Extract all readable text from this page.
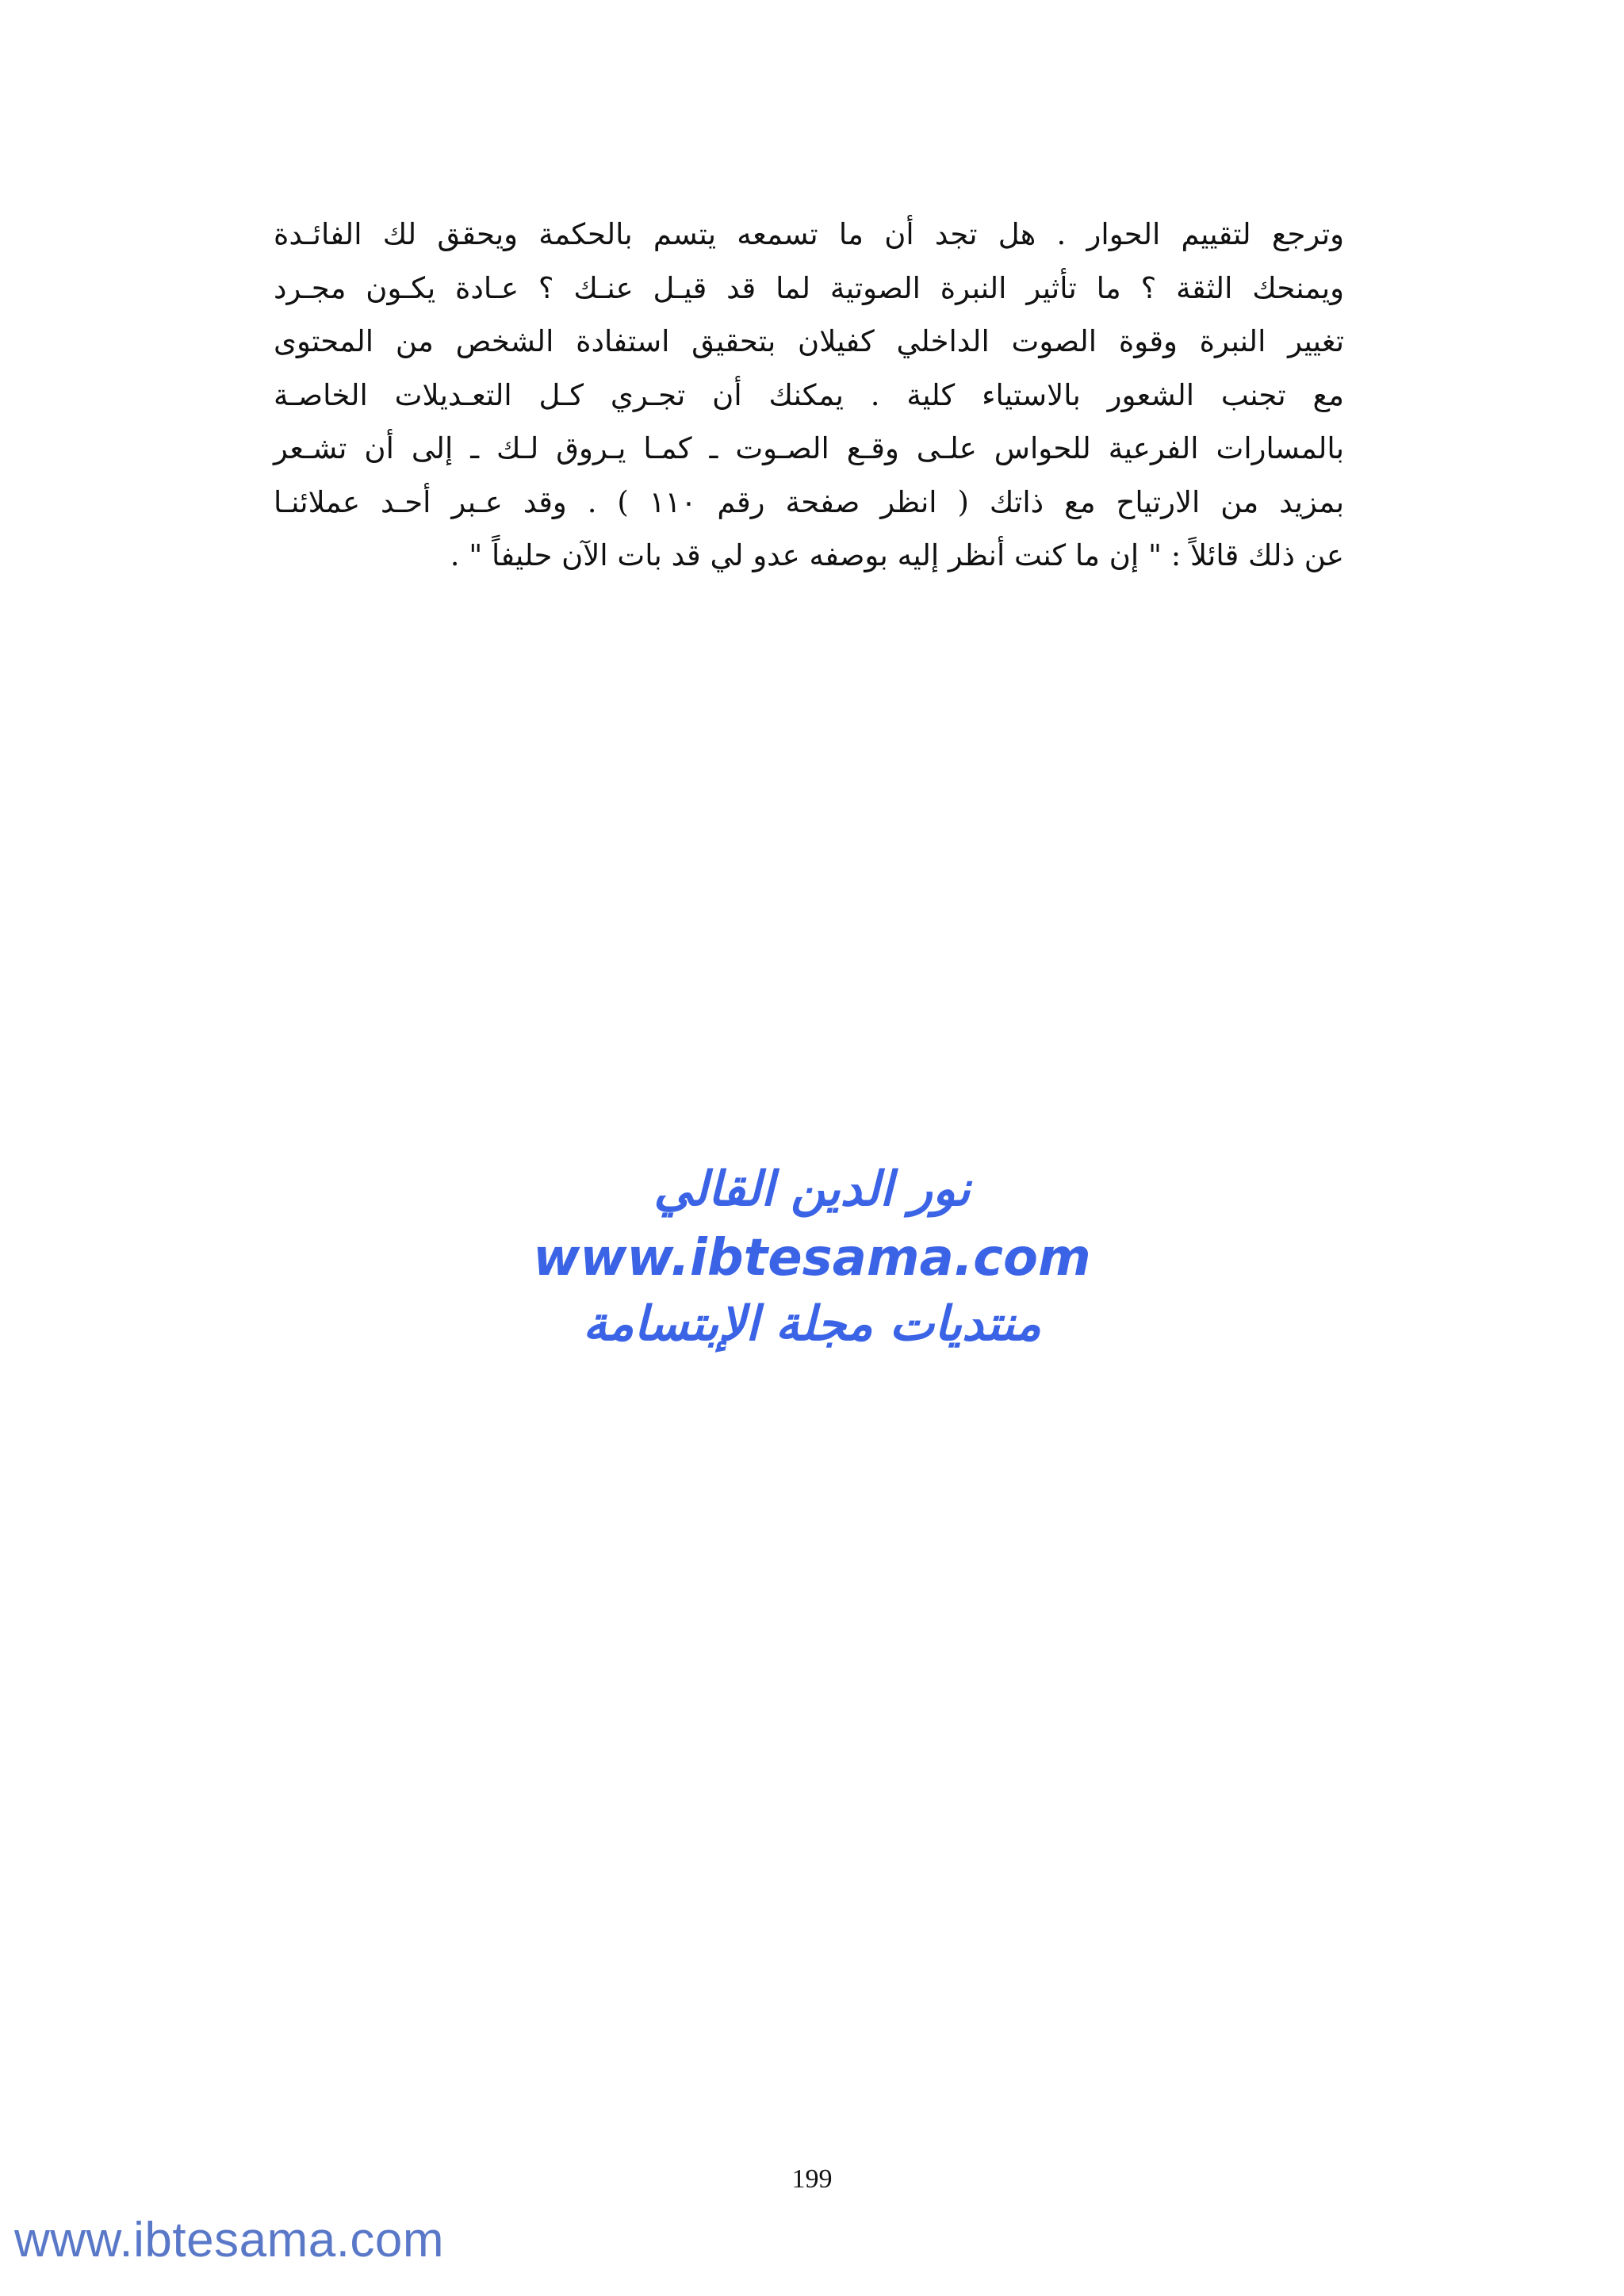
وترجع لتقييم الحوار . هل تجد أن ما تسمعه يتسم بالحكمة ويحقق لك الفائـدة
ويمنحك الثقة ؟ ما تأثير النبرة الصوتية لما قد قيـل عنـك ؟ عـادة يكـون مجـرد
تغيير النبرة وقوة الصوت الداخلي كفيلان بتحقيق استفادة الشخص من المحتوى
مع تجنب الشعور بالاستياء كلية . يمكنك أن تجـري كـل التعـديلات الخاصـة
بالمسارات الفرعية للحواس علـى وقـع الصـوت ـ كمـا يـروق لـك ـ إلى أن تشـعر
بمزيد من الارتياح مع ذاتك ( انظر صفحة رقم ١١٠ ) . وقد عـبر أحـد عملائنـا
عن ذلك قائلاً : " إن ما كنت أنظر إليه بوصفه عدو لي قد بات الآن حليفاً " .
نور الدين القالي
www.ibtesama.com
منتديات مجلة الإبتسامة
199
www.ibtesama.com
